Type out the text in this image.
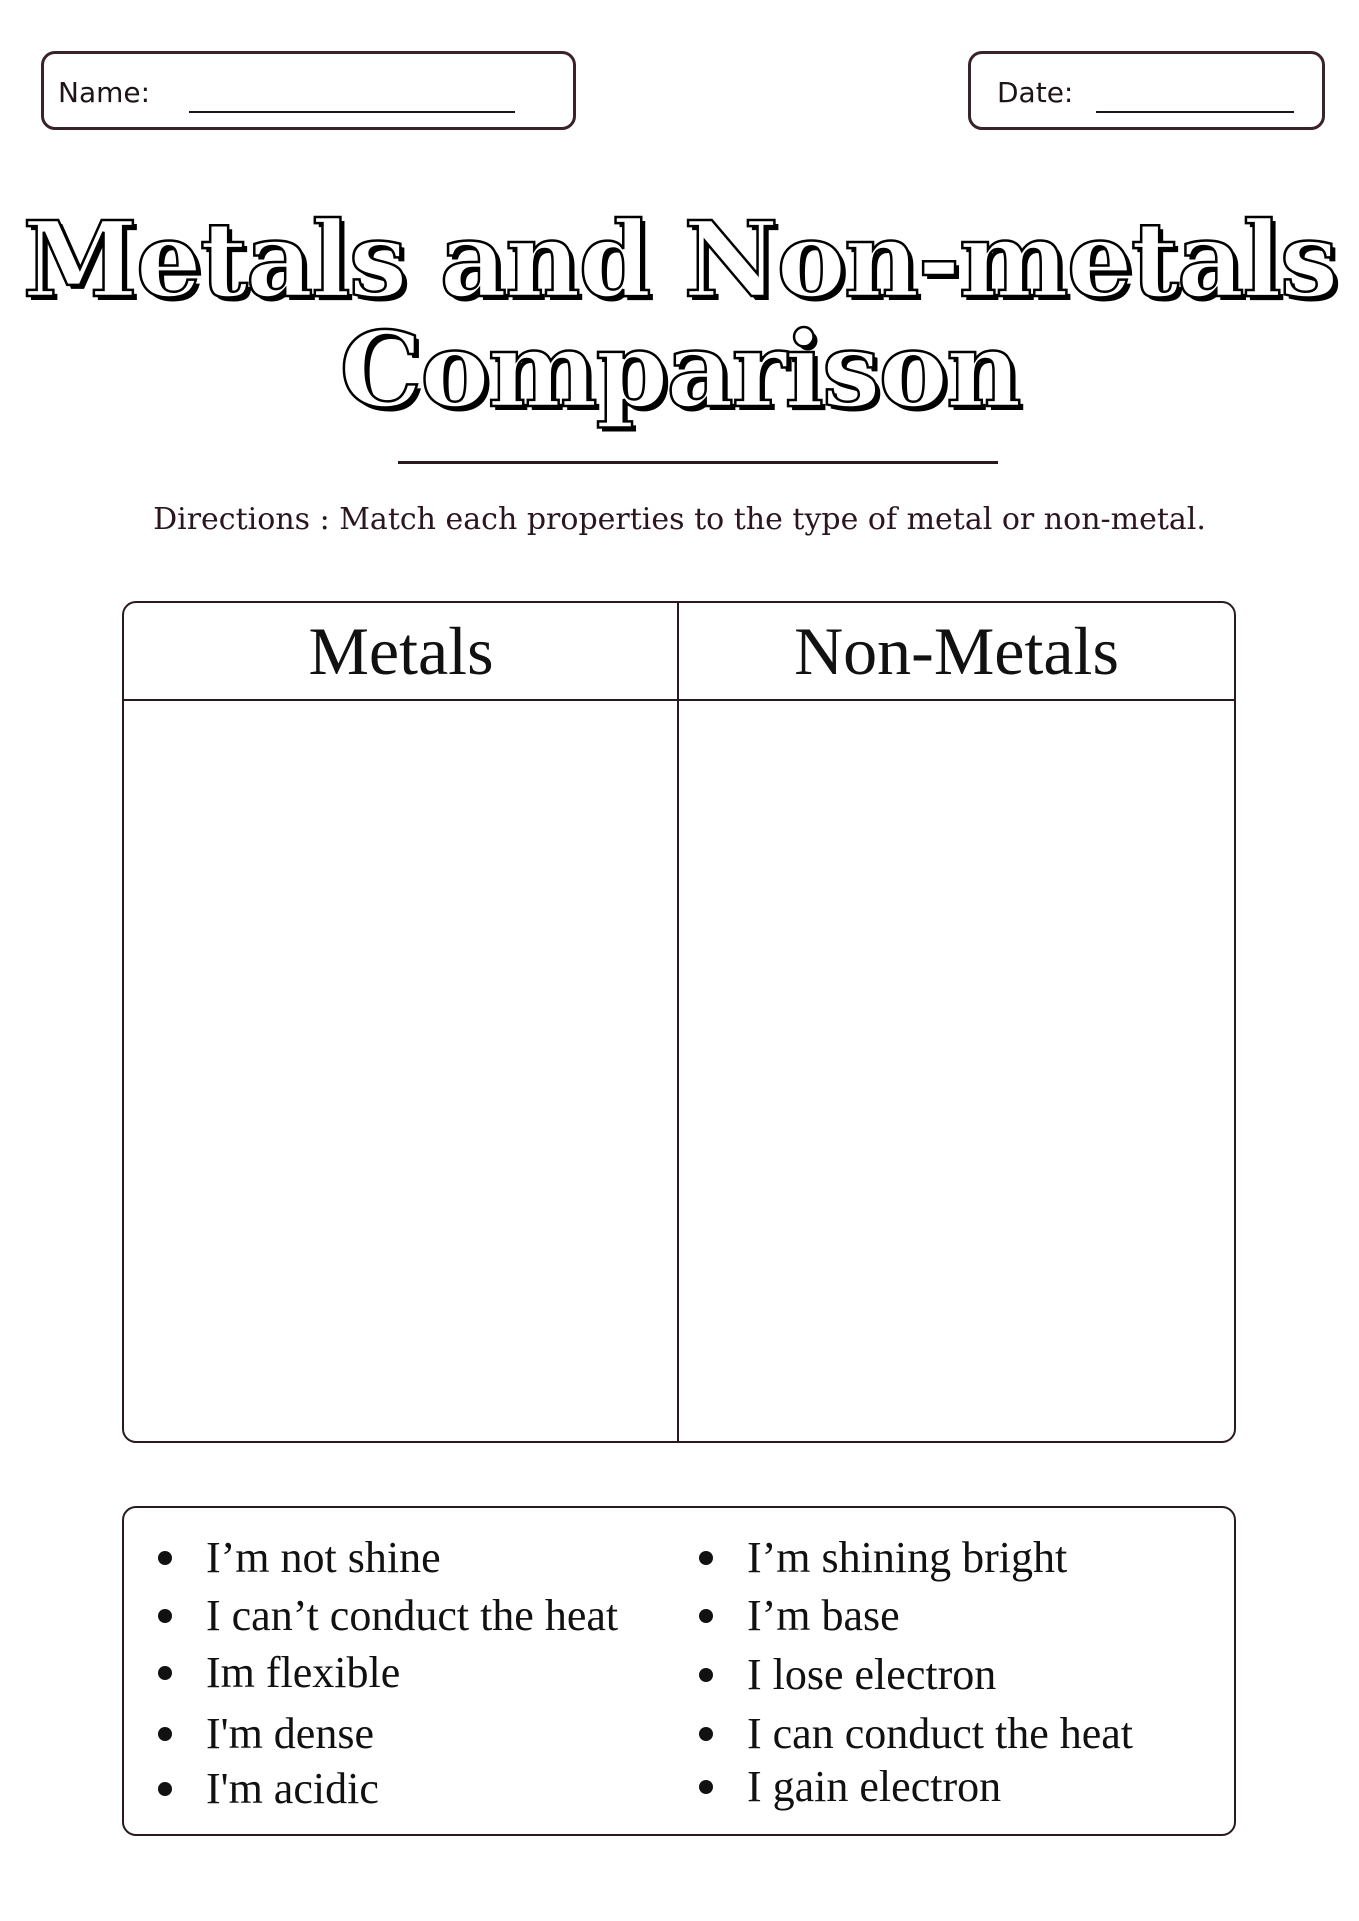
Name:	Date:
Metals and Non-metals
Comparison
Directions : Match each properties to the type of metal or non-metal.
Metals	Non-Metals
I’m not shine
I can’t conduct the heat
Im flexible
I'm dense
I'm acidic
I’m shining bright
I’m base
I lose electron
I can conduct the heat
I gain electron
